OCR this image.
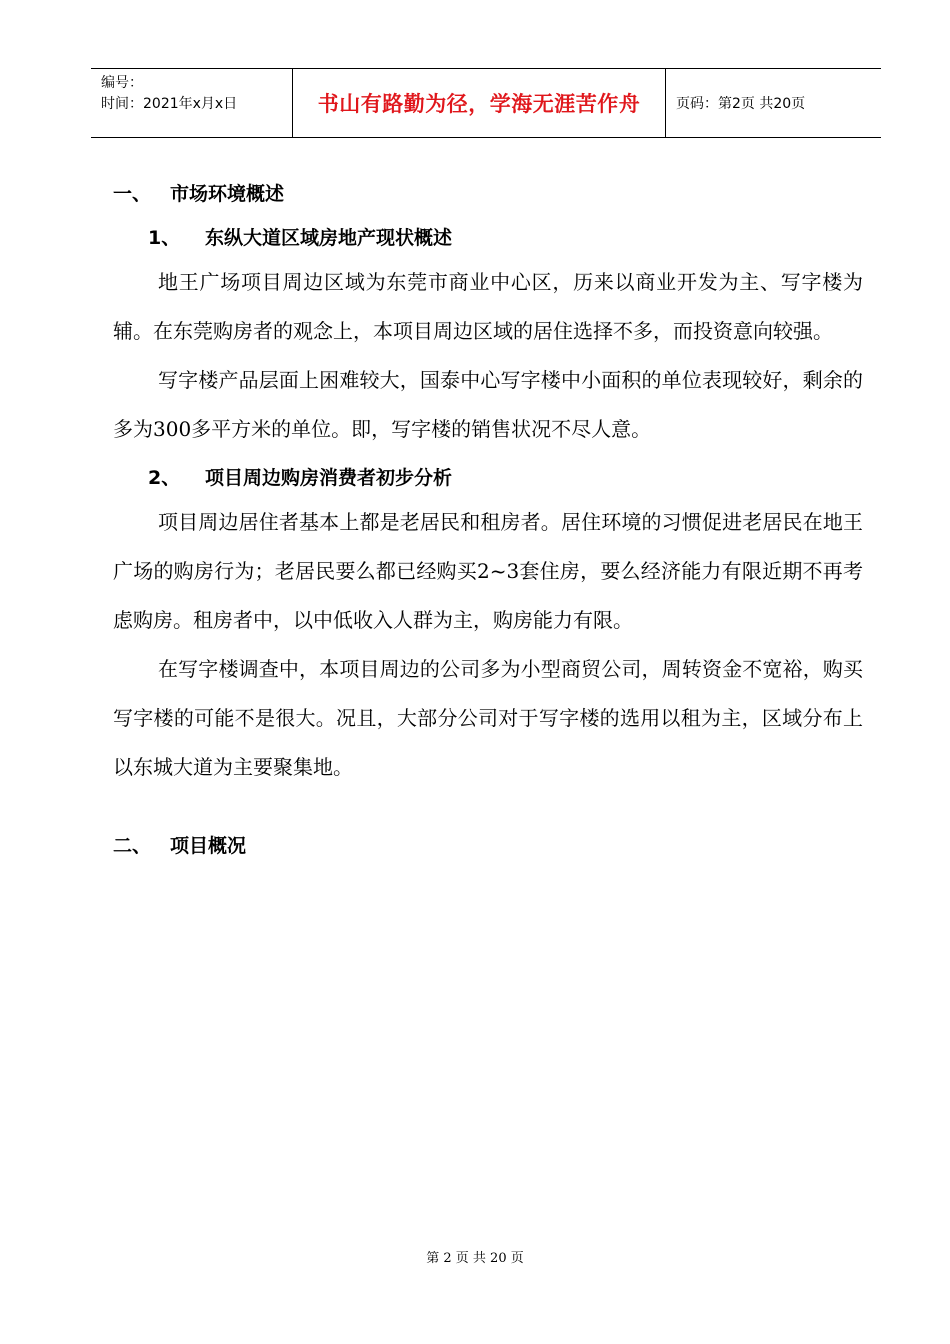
编号：
时间：2021年x月x日	书山有路勤为径，学海无涯苦作舟	页码：第2页 共20页
一、 市场环境概述
1、	东纵大道区域房地产现状概述

地王广场项目周边区域为东莞市商业中心区，历来以商业开发为主、写字楼为辅。在东莞购房者的观念上，本项目周边区域的居住选择不多，而投资意向较强。

写字楼产品层面上困难较大，国泰中心写字楼中小面积的单位表现较好，剩余的多为300多平方米的单位。即，写字楼的销售状况不尽人意。

2、	项目周边购房消费者初步分析

项目周边居住者基本上都是老居民和租房者。居住环境的习惯促进老居民在地王广场的购房行为；老居民要么都已经购买2~3套住房，要么经济能力有限近期不再考虑购房。租房者中，以中低收入人群为主，购房能力有限。

在写字楼调查中，本项目周边的公司多为小型商贸公司，周转资金不宽裕，购买写字楼的可能不是很大。况且，大部分公司对于写字楼的选用以租为主，区域分布上以东城大道为主要聚集地。

二、 项目概况
第 2 页 共 20 页
